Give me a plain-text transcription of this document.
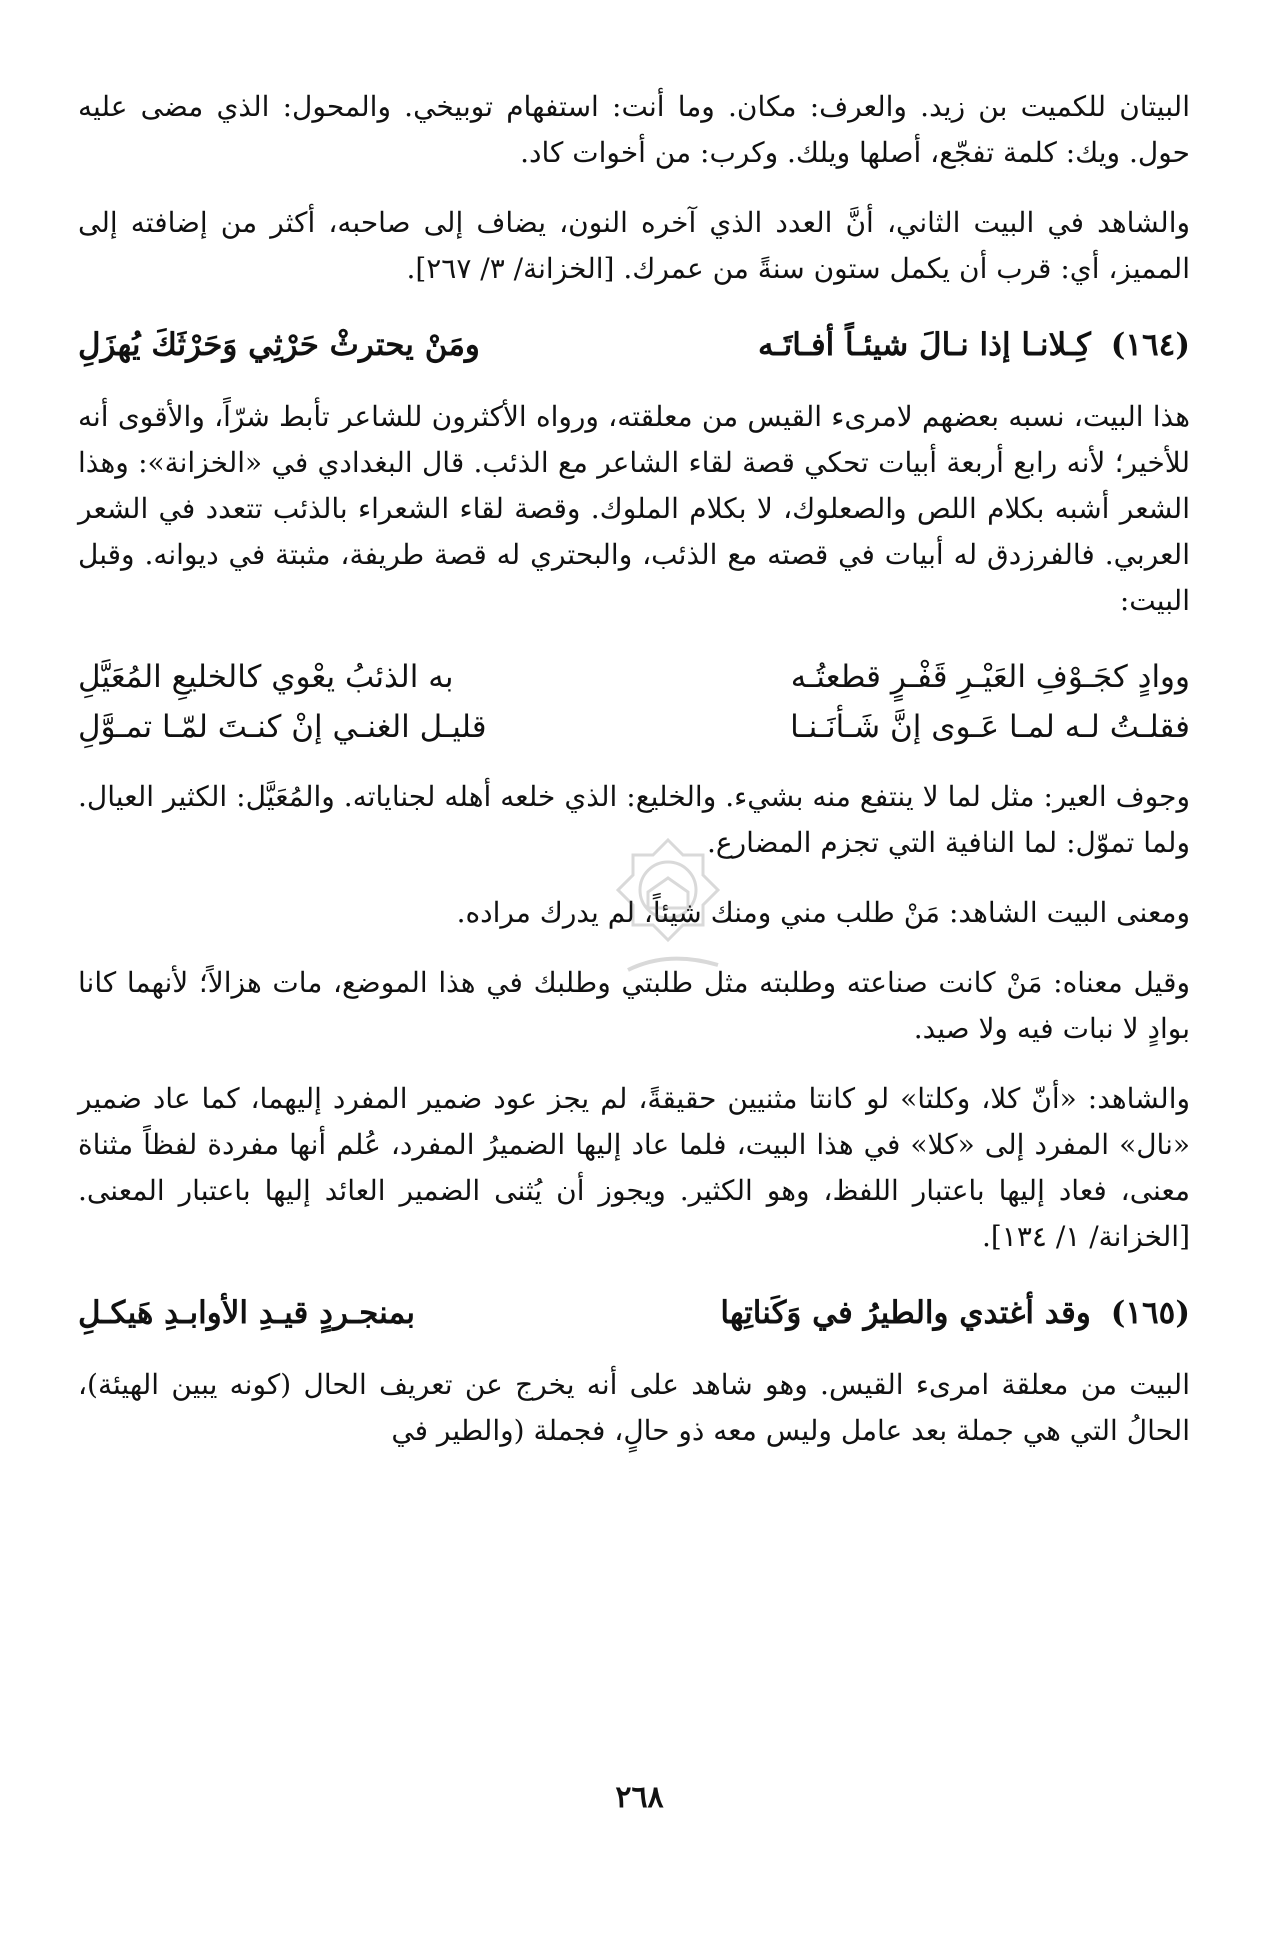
البيتان للكميت بن زيد. والعرف: مكان. وما أنت: استفهام توبيخي. والمحول: الذي مضى عليه حول. ويك: كلمة تفجّع، أصلها ويلك. وكرب: من أخوات كاد.

والشاهد في البيت الثاني، أنَّ العدد الذي آخره النون، يضاف إلى صاحبه، أكثر من إضافته إلى المميز، أي: قرب أن يكمل ستون سنةً من عمرك. [الخزانة/ ٣/ ٢٦٧].

(١٦٤) كِـلانـا إذا نـالَ شيئـاً أفـاتَـه
ومَنْ يحترثْ حَرْثِي وَحَرْثَكَ يُهزَلِ

هذا البيت، نسبه بعضهم لامرىء القيس من معلقته، ورواه الأكثرون للشاعر تأبط شرّاً، والأقوى أنه للأخير؛ لأنه رابع أربعة أبيات تحكي قصة لقاء الشاعر مع الذئب. قال البغدادي في «الخزانة»: وهذا الشعر أشبه بكلام اللص والصعلوك، لا بكلام الملوك. وقصة لقاء الشعراء بالذئب تتعدد في الشعر العربي. فالفرزدق له أبيات في قصته مع الذئب، والبحتري له قصة طريفة، مثبتة في ديوانه. وقبل البيت:

ووادٍ كجَـوْفِ العَيْـرِ قَفْـرٍ قطعتُـه
به الذئبُ يعْوي كالخليعِ المُعَيَّلِ
فقلـتُ لـه لمـا عَـوى إنَّ شَـأنَـنـا
قليـل الغنـي إنْ كنـتَ لمّـا تمـوَّلِ

وجوف العير: مثل لما لا ينتفع منه بشيء. والخليع: الذي خلعه أهله لجناياته. والمُعَيَّل: الكثير العيال. ولما تموّل: لما النافية التي تجزم المضارع.

ومعنى البيت الشاهد: مَنْ طلب مني ومنك شيئاً، لم يدرك مراده.

وقيل معناه: مَنْ كانت صناعته وطلبته مثل طلبتي وطلبك في هذا الموضع، مات هزالاً؛ لأنهما كانا بوادٍ لا نبات فيه ولا صيد.

والشاهد: «أنّ كلا، وكلتا» لو كانتا مثنيين حقيقةً، لم يجز عود ضمير المفرد إليهما، كما عاد ضمير «نال» المفرد إلى «كلا» في هذا البيت، فلما عاد إليها الضميرُ المفرد، عُلم أنها مفردة لفظاً مثناة معنى، فعاد إليها باعتبار اللفظ، وهو الكثير. ويجوز أن يُثنى الضمير العائد إليها باعتبار المعنى. [الخزانة/ ١/ ١٣٤].

(١٦٥) وقد أغتدي والطيرُ في وَكَناتِها
بمنجـردٍ قيـدِ الأوابـدِ هَيكـلِ

البيت من معلقة امرىء القيس. وهو شاهد على أنه يخرج عن تعريف الحال (كونه يبين الهيئة)، الحالُ التي هي جملة بعد عامل وليس معه ذو حالٍ، فجملة (والطير في

٢٦٨
